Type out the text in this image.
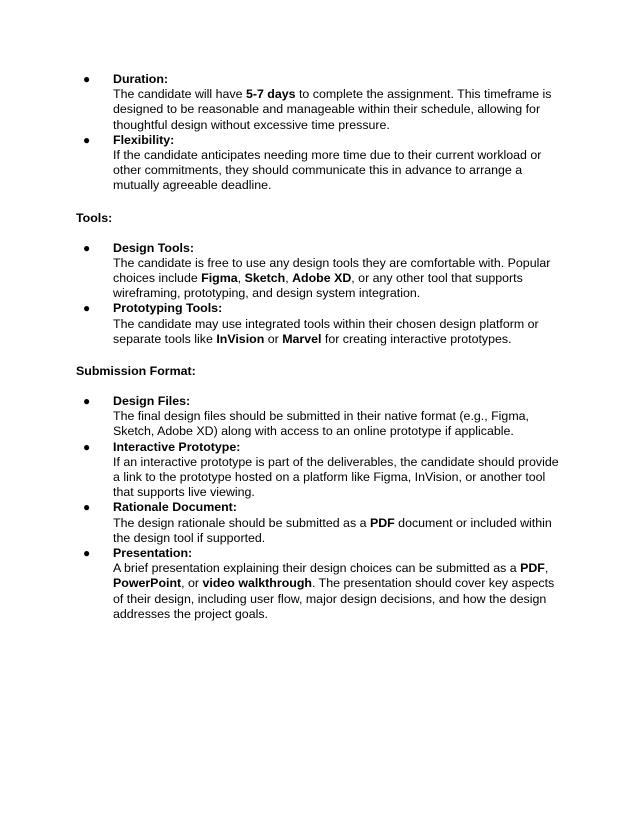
● Duration:
The candidate will have 5-7 days to complete the assignment. This timeframe is designed to be reasonable and manageable within their schedule, allowing for thoughtful design without excessive time pressure.
● Flexibility:
If the candidate anticipates needing more time due to their current workload or other commitments, they should communicate this in advance to arrange a mutually agreeable deadline.
Tools:
● Design Tools:
The candidate is free to use any design tools they are comfortable with. Popular choices include Figma, Sketch, Adobe XD, or any other tool that supports wireframing, prototyping, and design system integration.
● Prototyping Tools:
The candidate may use integrated tools within their chosen design platform or separate tools like InVision or Marvel for creating interactive prototypes.
Submission Format:
● Design Files:
The final design files should be submitted in their native format (e.g., Figma, Sketch, Adobe XD) along with access to an online prototype if applicable.
● Interactive Prototype:
If an interactive prototype is part of the deliverables, the candidate should provide a link to the prototype hosted on a platform like Figma, InVision, or another tool that supports live viewing.
● Rationale Document:
The design rationale should be submitted as a PDF document or included within the design tool if supported.
● Presentation:
A brief presentation explaining their design choices can be submitted as a PDF, PowerPoint, or video walkthrough. The presentation should cover key aspects of their design, including user flow, major design decisions, and how the design addresses the project goals.
